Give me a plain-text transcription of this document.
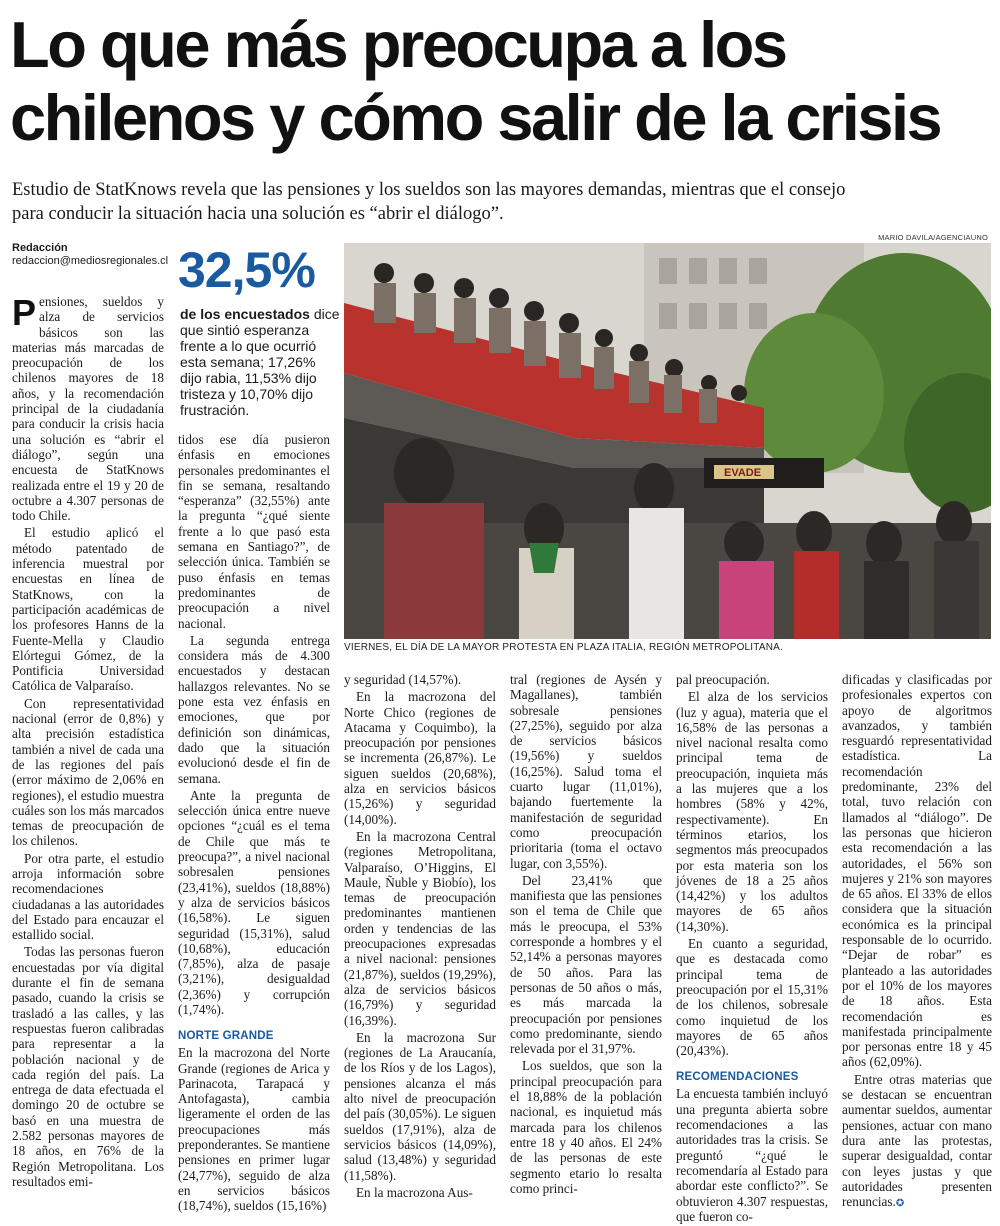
Lo que más preocupa a los
chilenos y cómo salir de la crisis

Estudio de StatKnows revela que las pensiones y los sueldos son las mayores demandas, mientras que el consejo
para conducir la situación hacia una solución es “abrir el diálogo”.

Redacción
redaccion@mediosregionales.cl 32,5%
de los encuestados dice que sintió esperanza frente a lo que ocurrió esta semana; 17,26% dijo rabia, 11,53% dijo tristeza y 10,70% dijo frustración.
MARIO DAVILA/AGENCIAUNO
EVADE
VIERNES, EL DÍA DE LA MAYOR PROTESTA EN PLAZA ITALIA, REGIÓN METROPOLITANA.

Pensiones, sueldos y alza de servicios básicos son las materias más marcadas de preocupación de los chilenos mayores de 18 años, y la recomendación principal de la ciudadanía para conducir la crisis hacia una solución es “abrir el diálogo”, según una encuesta de StatKnows realizada entre el 19 y 20 de octubre a 4.307 personas de todo Chile.

El estudio aplicó el método patentado de inferencia muestral por encuestas en línea de StatKnows, con la participación académicas de los profesores Hanns de la Fuente-Mella y Claudio Elórtegui Gómez, de la Pontificia Universidad Católica de Valparaíso.

Con representatividad nacional (error de 0,8%) y alta precisión estadística también a nivel de cada una de las regiones del país (error máximo de 2,06% en regiones), el estudio muestra cuáles son los más marcados temas de preocupación de los chilenos.

Por otra parte, el estudio arroja información sobre recomendaciones ciudadanas a las autoridades del Estado para encauzar el estallido social.

Todas las personas fueron encuestadas por vía digital durante el fin de semana pasado, cuando la crisis se trasladó a las calles, y las respuestas fueron calibradas para representar a la población nacional y de cada región del país. La entrega de data efectuada el domingo 20 de octubre se basó en una muestra de 2.582 personas mayores de 18 años, en 76% de la Región Metropolitana. Los resultados emi-

tidos ese día pusieron énfasis en emociones personales predominantes el fin se semana, resaltando “esperanza” (32,55%) ante la pregunta “¿qué siente frente a lo que pasó esta semana en Santiago?”, de selección única. También se puso énfasis en temas predominantes de preocupación a nivel nacional.

La segunda entrega considera más de 4.300 encuestados y destacan hallazgos relevantes. No se pone esta vez énfasis en emociones, que por definición son dinámicas, dado que la situación evolucionó desde el fin de semana.

Ante la pregunta de selección única entre nueve opciones “¿cuál es el tema de Chile que más te preocupa?”, a nivel nacional sobresalen pensiones (23,41%), sueldos (18,88%) y alza de servicios básicos (16,58%). Le siguen seguridad (15,31%), salud (10,68%), educación (7,85%), alza de pasaje (3,21%), desigualdad (2,36%) y corrupción (1,74%).

NORTE GRANDE

En la macrozona del Norte Grande (regiones de Arica y Parinacota, Tarapacá y Antofagasta), cambia ligeramente el orden de las preocupaciones más preponderantes. Se mantiene pensiones en primer lugar (24,77%), seguido de alza en servicios básicos (18,74%), sueldos (15,16%)

y seguridad (14,57%).

En la macrozona del Norte Chico (regiones de Atacama y Coquimbo), la preocupación por pensiones se incrementa (26,87%). Le siguen sueldos (20,68%), alza en servicios básicos (15,26%) y seguridad (14,00%).

En la macrozona Central (regiones Metropolitana, Valparaíso, O’Higgins, El Maule, Ñuble y Biobío), los temas de preocupación predominantes mantienen orden y tendencias de las preocupaciones expresadas a nivel nacional: pensiones (21,87%), sueldos (19,29%), alza de servicios básicos (16,79%) y seguridad (16,39%).

En la macrozona Sur (regiones de La Araucanía, de los Ríos y de los Lagos), pensiones alcanza el más alto nivel de preocupación del país (30,05%). Le siguen sueldos (17,91%), alza de servicios básicos (14,09%), salud (13,48%) y seguridad (11,58%).

En la macrozona Aus-

tral (regiones de Aysén y Magallanes), también sobresale pensiones (27,25%), seguido por alza de servicios básicos (19,56%) y sueldos (16,25%). Salud toma el cuarto lugar (11,01%), bajando fuertemente la manifestación de seguridad como preocupación prioritaria (toma el octavo lugar, con 3,55%).

Del 23,41% que manifiesta que las pensiones son el tema de Chile que más le preocupa, el 53% corresponde a hombres y el 52,14% a personas mayores de 50 años. Para las personas de 50 años o más, es más marcada la preocupación por pensiones como predominante, siendo relevada por el 31,97%.

Los sueldos, que son la principal preocupación para el 18,88% de la población nacional, es inquietud más marcada para los chilenos entre 18 y 40 años. El 24% de las personas de este segmento etario lo resalta como princi-

pal preocupación.

El alza de los servicios (luz y agua), materia que el 16,58% de las personas a nivel nacional resalta como principal tema de preocupación, inquieta más a las mujeres que a los hombres (58% y 42%, respectivamente). En términos etarios, los segmentos más preocupados por esta materia son los jóvenes de 18 a 25 años (14,42%) y los adultos mayores de 65 años (14,30%).

En cuanto a seguridad, que es destacada como principal tema de preocupación por el 15,31% de los chilenos, sobresale como inquietud de los mayores de 65 años (20,43%).

RECOMENDACIONES

La encuesta también incluyó una pregunta abierta sobre recomendaciones a las autoridades tras la crisis. Se preguntó “¿qué le recomendaría al Estado para abordar este conflicto?”. Se obtuvieron 4.307 respuestas, que fueron co-

dificadas y clasificadas por profesionales expertos con apoyo de algoritmos avanzados, y también resguardó representatividad estadística. La recomendación predominante, 23% del total, tuvo relación con llamados al “diálogo”. De las personas que hicieron esta recomendación a las autoridades, el 56% son mujeres y 21% son mayores de 65 años. El 33% de ellos considera que la situación económica es la principal responsable de lo ocurrido. “Dejar de robar” es planteado a las autoridades por el 10% de los mayores de 18 años. Esta recomendación es manifestada principalmente por personas entre 18 y 45 años (62,09%).

Entre otras materias que se destacan se encuentran aumentar sueldos, aumentar pensiones, actuar con mano dura ante las protestas, superar desigualdad, contar con leyes justas y que autoridades presenten renuncias.✪
